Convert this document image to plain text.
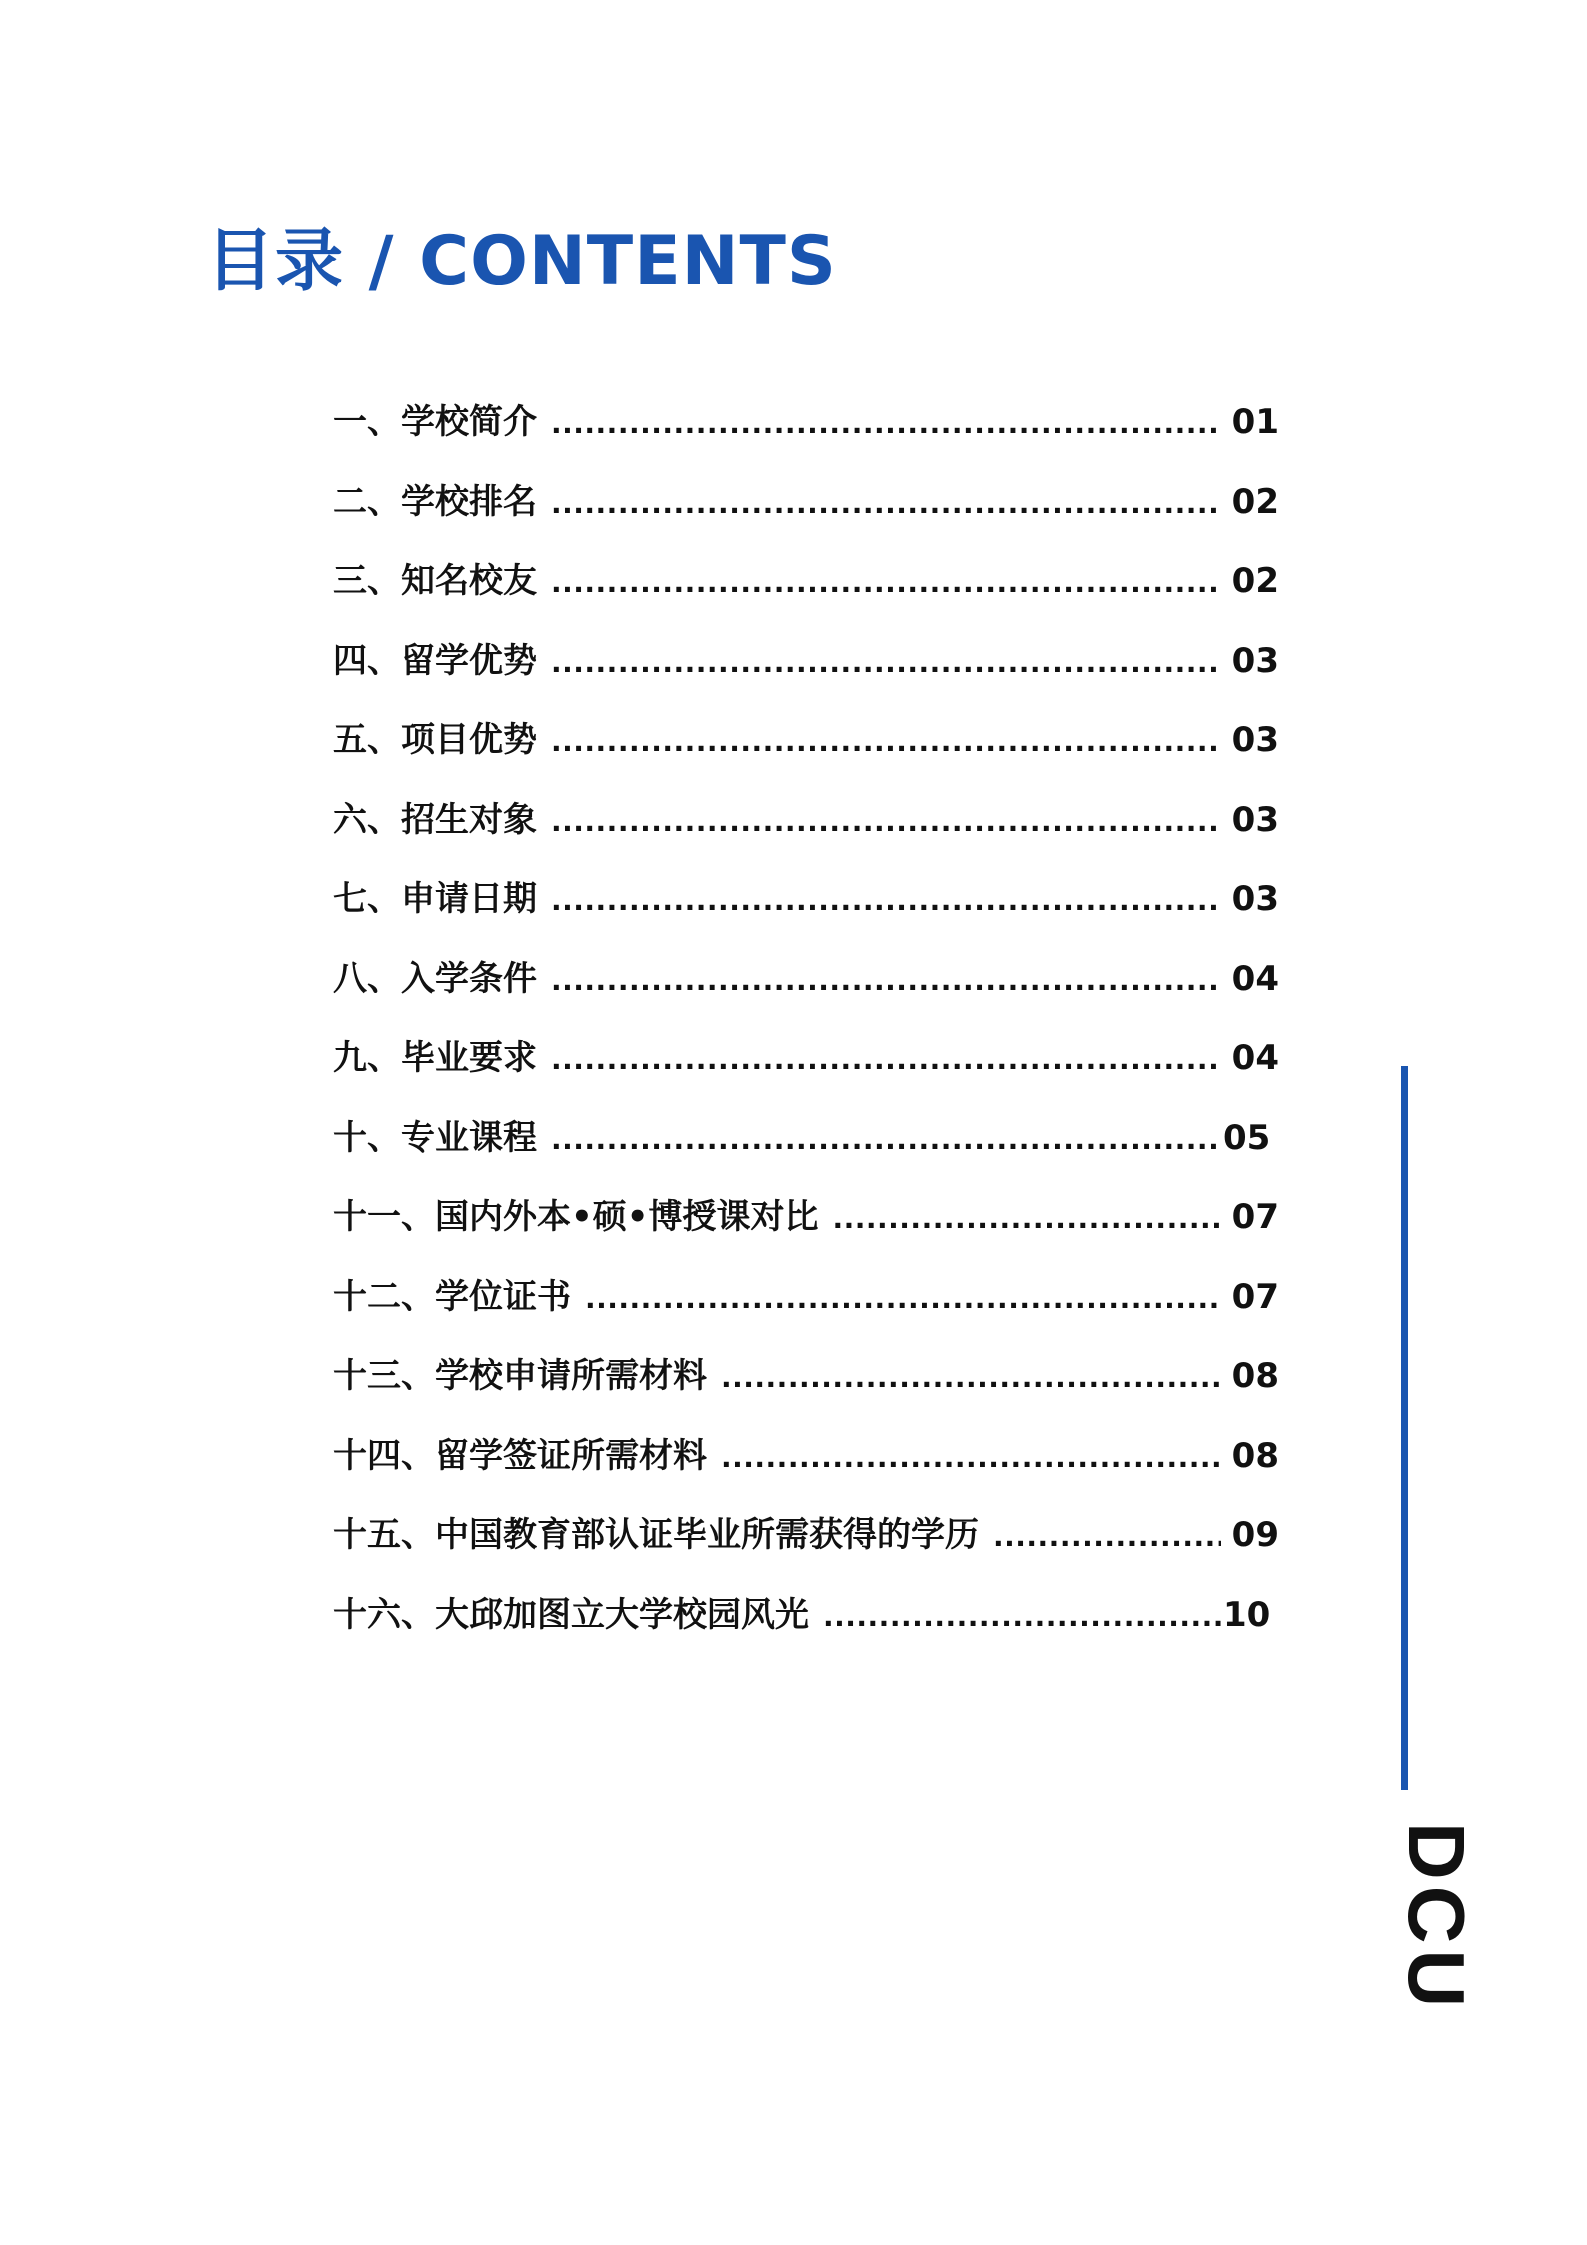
目录 / CONTENTS
一、学校简介 .....	01
二、学校排名 .....	02
三、知名校友 .....	02
四、留学优势 .....	03
五、项目优势 .....	03
六、招生对象 .....	03
七、申请日期 .....	03
八、入学条件 .....	04
九、毕业要求 .....	04
十、专业课程 .....	05
十一、国内外本•硕•博授课对比 .....	07
十二、学位证书 .....	07
十三、学校申请所需材料 .....	08
十四、留学签证所需材料 .....	08
十五、中国教育部认证毕业所需获得的学历 .....	09
十六、大邱加图立大学校园风光 .....	10
DCU
